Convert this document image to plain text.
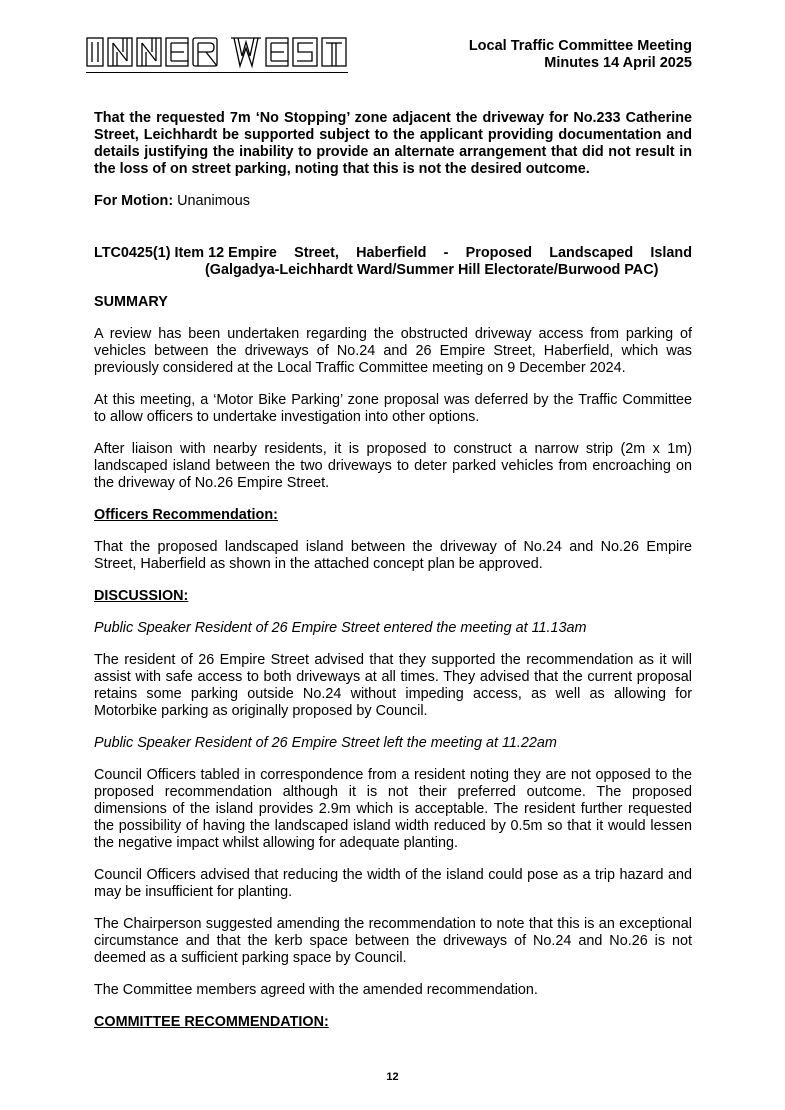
Local Traffic Committee Meeting
Minutes 14 April 2025

That the requested 7m ‘No Stopping’ zone adjacent the driveway for No.233 Catherine Street, Leichhardt be supported subject to the applicant providing documentation and details justifying the inability to provide an alternate arrangement that did not result in the loss of on street parking, noting that this is not the desired outcome.

For Motion: Unanimous

LTC0425(1) Item 12 Empire Street, Haberfield - Proposed Landscaped Island
(Galgadya-Leichhardt Ward/Summer Hill Electorate/Burwood PAC)

SUMMARY

A review has been undertaken regarding the obstructed driveway access from parking of vehicles between the driveways of No.24 and 26 Empire Street, Haberfield, which was previously considered at the Local Traffic Committee meeting on 9 December 2024.

At this meeting, a ‘Motor Bike Parking’ zone proposal was deferred by the Traffic Committee to allow officers to undertake investigation into other options.

After liaison with nearby residents, it is proposed to construct a narrow strip (2m x 1m) landscaped island between the two driveways to deter parked vehicles from encroaching on the driveway of No.26 Empire Street.

Officers Recommendation:

That the proposed landscaped island between the driveway of No.24 and No.26 Empire Street, Haberfield as shown in the attached concept plan be approved.

DISCUSSION:

Public Speaker Resident of 26 Empire Street entered the meeting at 11.13am

The resident of 26 Empire Street advised that they supported the recommendation as it will assist with safe access to both driveways at all times. They advised that the current proposal retains some parking outside No.24 without impeding access, as well as allowing for Motorbike parking as originally proposed by Council.

Public Speaker Resident of 26 Empire Street left the meeting at 11.22am

Council Officers tabled in correspondence from a resident noting they are not opposed to the proposed recommendation although it is not their preferred outcome. The proposed dimensions of the island provides 2.9m which is acceptable. The resident further requested the possibility of having the landscaped island width reduced by 0.5m so that it would lessen the negative impact whilst allowing for adequate planting.

Council Officers advised that reducing the width of the island could pose as a trip hazard and may be insufficient for planting.

The Chairperson suggested amending the recommendation to note that this is an exceptional circumstance and that the kerb space between the driveways of No.24 and No.26 is not deemed as a sufficient parking space by Council.

The Committee members agreed with the amended recommendation.

COMMITTEE RECOMMENDATION:

12
